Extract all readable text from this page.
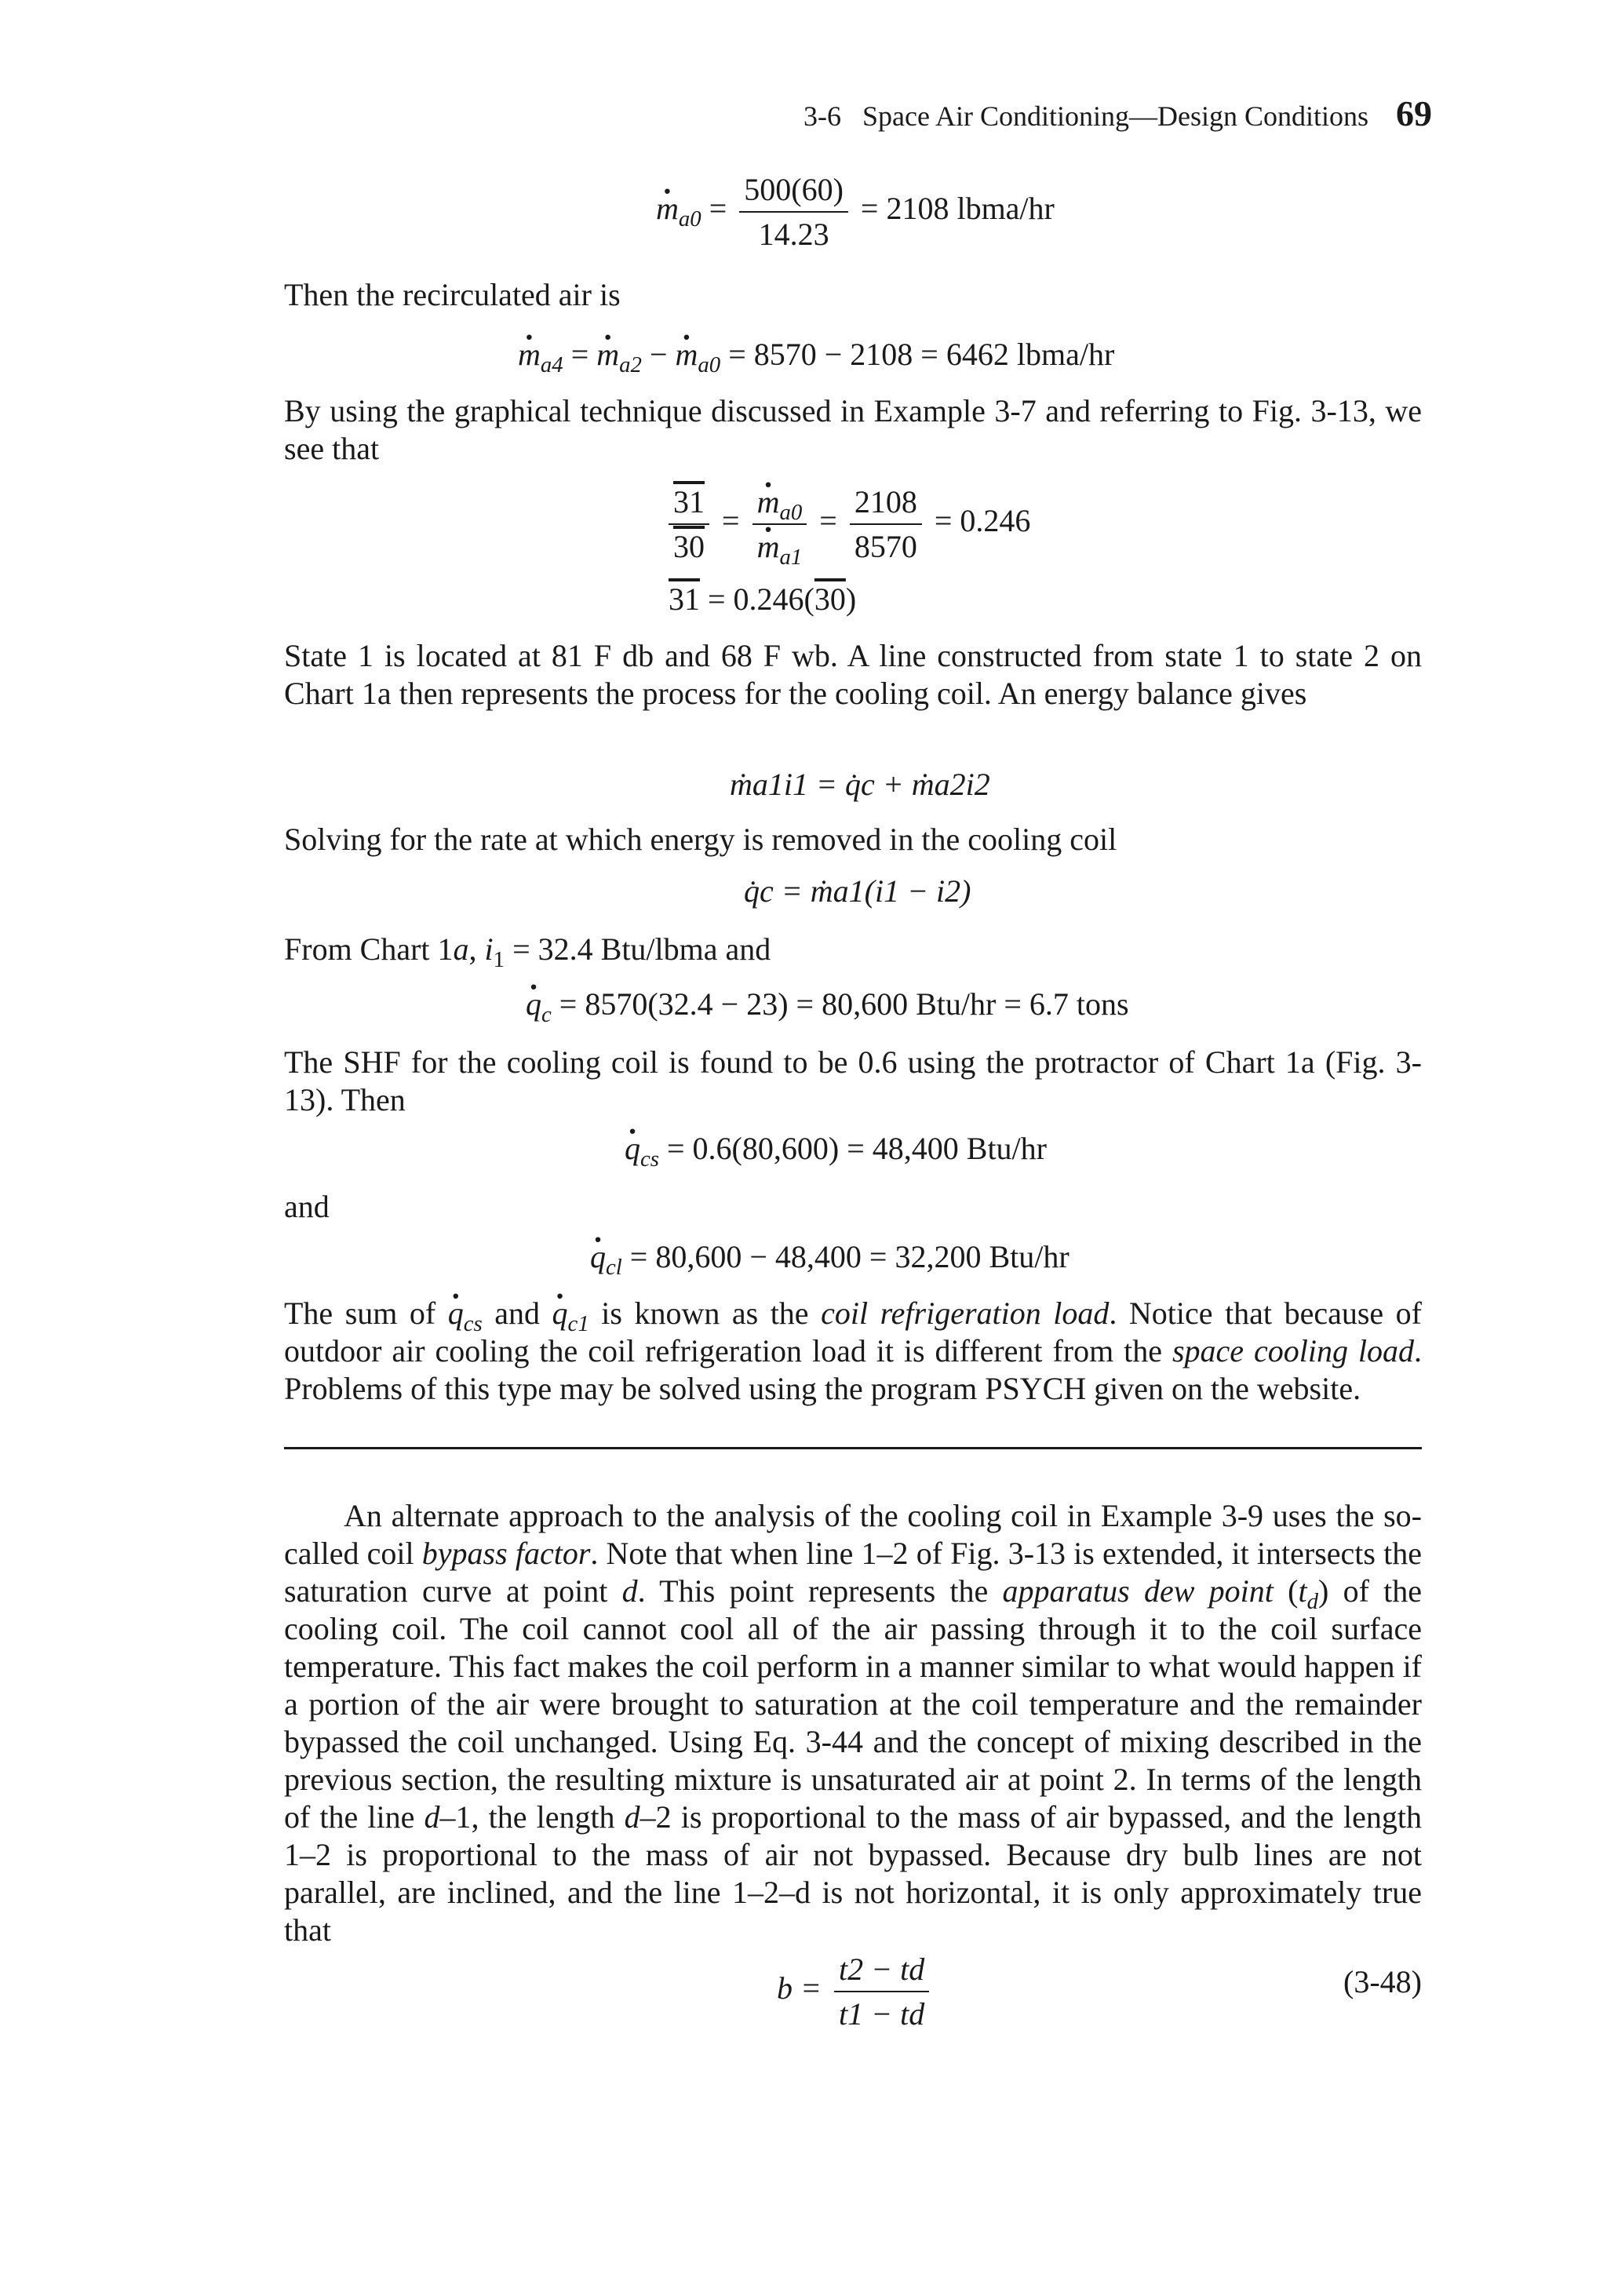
3-6 Space Air Conditioning—Design Conditions 69
· $m_{a0} = \frac{500(60)}{14.23} = 2108$ lbma/hr

Then the recirculated air is

· $m_{a4}$ = · $m_{a2}$ − · $m_{a0} = 8570 - 2108 = 6462$ lbma/hr

By using the graphical technique discussed in Example 3-7 and referring to Fig. 3-13, we see that

$\frac{31}{30}$ = · $m_{a0}$
· $m_{a1} = \frac{2108}{8570} = 0.246$
31 = 0.246(30)

State 1 is located at 81 F db and 68 F wb. A line constructed from state 1 to state 2 on Chart 1a then represents the process for the cooling coil. An energy balance gives

ṁa1i1 = q̇c + ṁa2i2

Solving for the rate at which energy is removed in the cooling coil

q̇c = ṁa1(i1 − i2)

From Chart 1a, $i_1 = 32.4$ Btu/lbma and

· $q_c = 8570(32.4 - 23) = 80,600$ Btu/hr = 6.7 tons

The SHF for the cooling coil is found to be 0.6 using the protractor of Chart 1a (Fig. 3-13). Then

· $q_{cs} = 0.6(80,600) = 48,400$ Btu/hr

and

· $q_{cl} = 80,600 - 48,400 = 32,200$ Btu/hr

The sum of · $q_{cs}$ and · $q_{c1}$ is known as the coil refrigeration load. Notice that because of outdoor air cooling the coil refrigeration load it is different from the space cooling load. Problems of this type may be solved using the program PSYCH given on the website.

An alternate approach to the analysis of the cooling coil in Example 3-9 uses the so-called coil bypass factor. Note that when line 1–2 of Fig. 3-13 is extended, it intersects the saturation curve at point d. This point represents the apparatus dew point $(t_d)$ of the cooling coil. The coil cannot cool all of the air passing through it to the coil surface temperature. This fact makes the coil perform in a manner similar to what would happen if a portion of the air were brought to saturation at the coil temperature and the remainder bypassed the coil unchanged. Using Eq. 3-44 and the concept of mixing described in the previous section, the resulting mixture is unsaturated air at point 2. In terms of the length of the line d–1, the length d–2 is proportional to the mass of air bypassed, and the length 1–2 is proportional to the mass of air not bypassed. Because dry bulb lines are not parallel, are inclined, and the line 1–2–d is not horizontal, it is only approximately true that

$b = \frac{t2 - td}{t1 - td}$	(3-48)
